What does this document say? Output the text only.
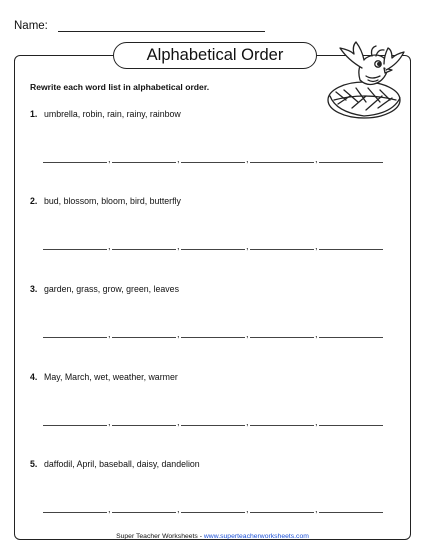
Name:
Alphabetical Order
Rewrite each word list in alphabetical order.
1. umbrella, robin, rain, rainy, rainbow
,	,	,	,
2. bud, blossom, bloom, bird, butterfly
,	,	,	,
3. garden, grass, grow, green, leaves
,	,	,	,
4. May, March, wet, weather, warmer
,	,	,	,
5. daffodil, April, baseball, daisy, dandelion
,	,	,	,
Super Teacher Worksheets - www.superteacherworksheets.com
